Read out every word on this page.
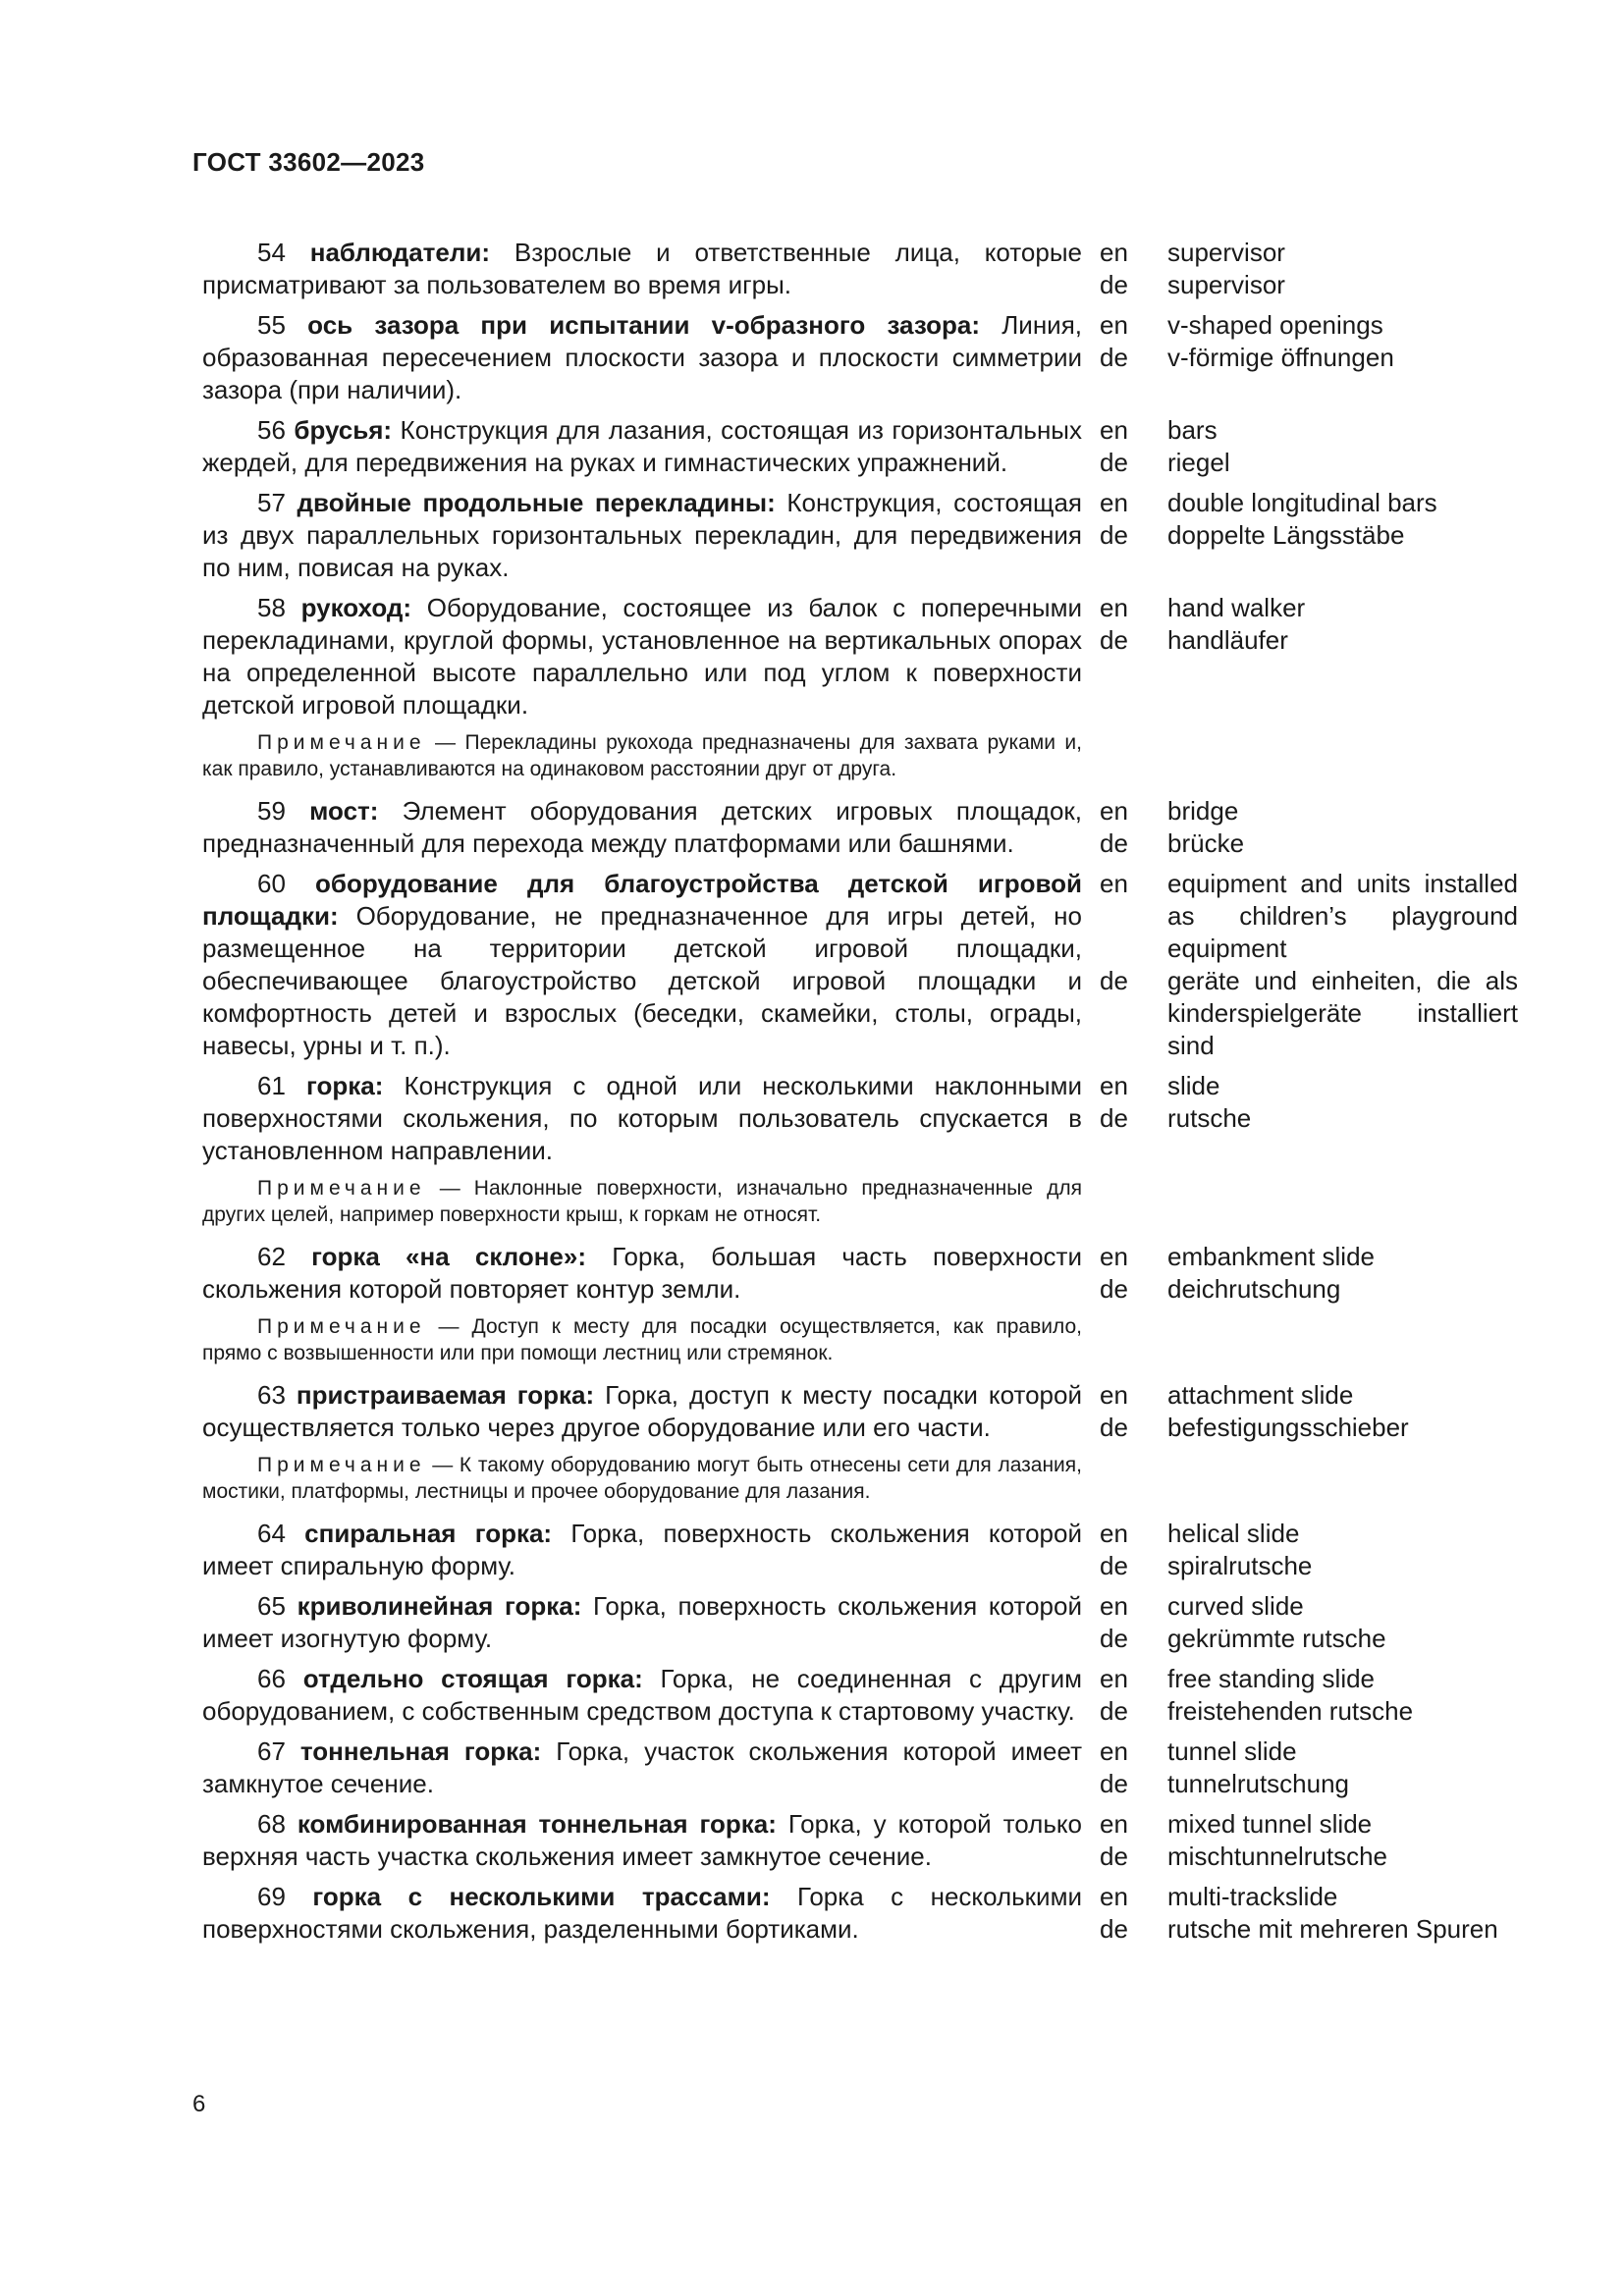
ГОСТ 33602—2023

54 наблюдатели: Взрослые и ответственные лица, которые присматривают за пользователем во время игры.

en
de
supervisor
supervisor

55 ось зазора при испытании v-образного зазора: Линия, образованная пересечением плоскости зазора и плоскости симметрии зазора (при наличии).

en
de
v-shaped openings
v-förmige öffnungen

56 брусья: Конструкция для лазания, состоящая из горизонтальных жердей, для передвижения на руках и гимнастических упражнений.

en
de
bars
riegel

57 двойные продольные перекладины: Конструкция, состоящая из двух параллельных горизонтальных перекладин, для передвижения по ним, повисая на руках.

en
de
double longitudinal bars
doppelte Längsstäbe

58 рукоход: Оборудование, состоящее из балок с поперечными перекладинами, круглой формы, установленное на вертикальных опорах на определенной высоте параллельно или под углом к поверхности детской игровой площадки.

en
de
hand walker
handläufer
Примечание — Перекладины рукохода предназначены для захвата руками и, как правило, устанавливаются на одинаковом расстоянии друг от друга.

59 мост: Элемент оборудования детских игровых площадок, предназначенный для перехода между платформами или башнями.

en
de
bridge
brücke

60 оборудование для благоустройства детской игровой площадки: Оборудование, не предназначенное для игры детей, но размещенное на территории детской игровой площадки, обеспечивающее благоустройство детской игровой площадки и комфортность детей и взрослых (беседки, скамейки, столы, ограды, навесы, урны и т. п.).

en

de
equipment and units installed as children’s playground equipment
geräte und einheiten, die als kinderspielgeräte installiert sind

61 горка: Конструкция с одной или несколькими наклонными поверхностями скольжения, по которым пользователь спускается в установленном направлении.

en
de
slide
rutsche
Примечание — Наклонные поверхности, изначально предназначенные для других целей, например поверхности крыш, к горкам не относят.

62 горка «на склоне»: Горка, большая часть поверхности скольжения которой повторяет контур земли.

en
de
embankment slide
deichrutschung
Примечание — Доступ к месту для посадки осуществляется, как правило, прямо с возвышенности или при помощи лестниц или стремянок.

63 пристраиваемая горка: Горка, доступ к месту посадки которой осуществляется только через другое оборудование или его части.

en
de
attachment slide
befestigungsschieber
Примечание — К такому оборудованию могут быть отнесены сети для лазания, мостики, платформы, лестницы и прочее оборудование для лазания.

64 спиральная горка: Горка, поверхность скольжения которой имеет спиральную форму.

en
de
helical slide
spiralrutsche

65 криволинейная горка: Горка, поверхность скольжения которой имеет изогнутую форму.

en
de
curved slide
gekrümmte rutsche

66 отдельно стоящая горка: Горка, не соединенная с другим оборудованием, с собственным средством доступа к стартовому участку.

en
de
free standing slide
freistehenden rutsche

67 тоннельная горка: Горка, участок скольжения которой имеет замкнутое сечение.

en
de
tunnel slide
tunnelrutschung

68 комбинированная тоннельная горка: Горка, у которой только верхняя часть участка скольжения имеет замкнутое сечение.

en
de
mixed tunnel slide
mischtunnelrutsche

69 горка с несколькими трассами: Горка с несколькими поверхностями скольжения, разделенными бортиками.

en
de
multi-trackslide
rutsche mit mehreren Spuren
6
